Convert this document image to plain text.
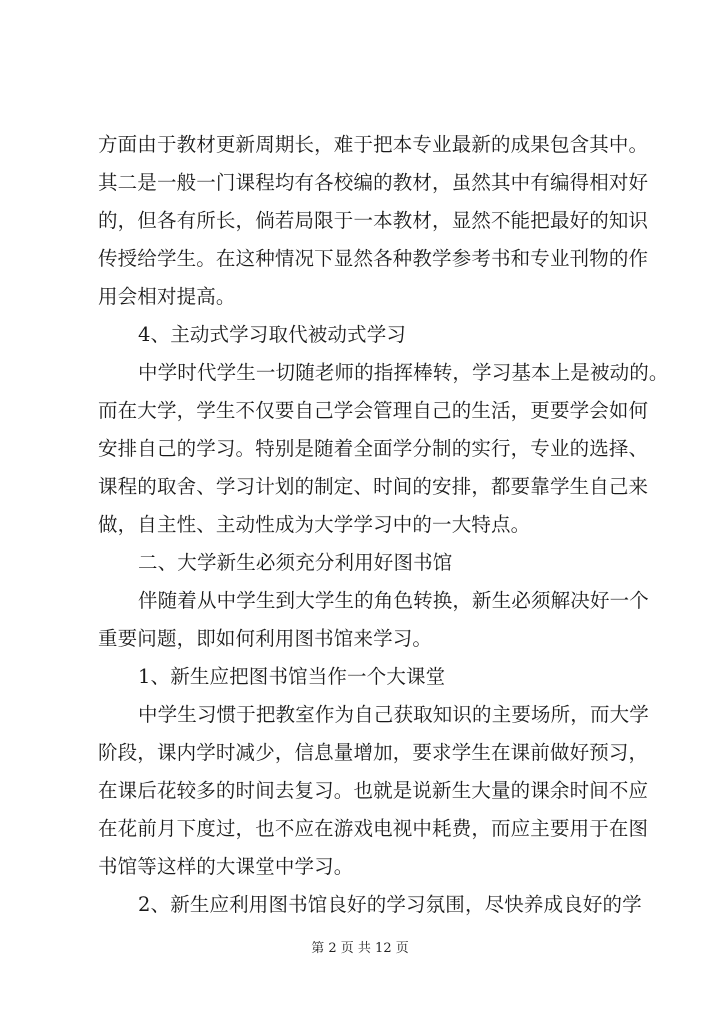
方面由于教材更新周期长，难于把本专业最新的成果包含其中。
其二是一般一门课程均有各校编的教材，虽然其中有编得相对好
的，但各有所长，倘若局限于一本教材，显然不能把最好的知识
传授给学生。在这种情况下显然各种教学参考书和专业刊物的作
用会相对提高。
4、主动式学习取代被动式学习
中学时代学生一切随老师的指挥棒转，学习基本上是被动的。
而在大学，学生不仅要自己学会管理自己的生活，更要学会如何
安排自己的学习。特别是随着全面学分制的实行，专业的选择、
课程的取舍、学习计划的制定、时间的安排，都要靠学生自己来
做，自主性、主动性成为大学学习中的一大特点。
二、大学新生必须充分利用好图书馆
伴随着从中学生到大学生的角色转换，新生必须解决好一个
重要问题，即如何利用图书馆来学习。
1、新生应把图书馆当作一个大课堂
中学生习惯于把教室作为自己获取知识的主要场所，而大学
阶段，课内学时减少，信息量增加，要求学生在课前做好预习，
在课后花较多的时间去复习。也就是说新生大量的课余时间不应
在花前月下度过，也不应在游戏电视中耗费，而应主要用于在图
书馆等这样的大课堂中学习。
2、新生应利用图书馆良好的学习氛围，尽快养成良好的学
第 2 页 共 12 页
